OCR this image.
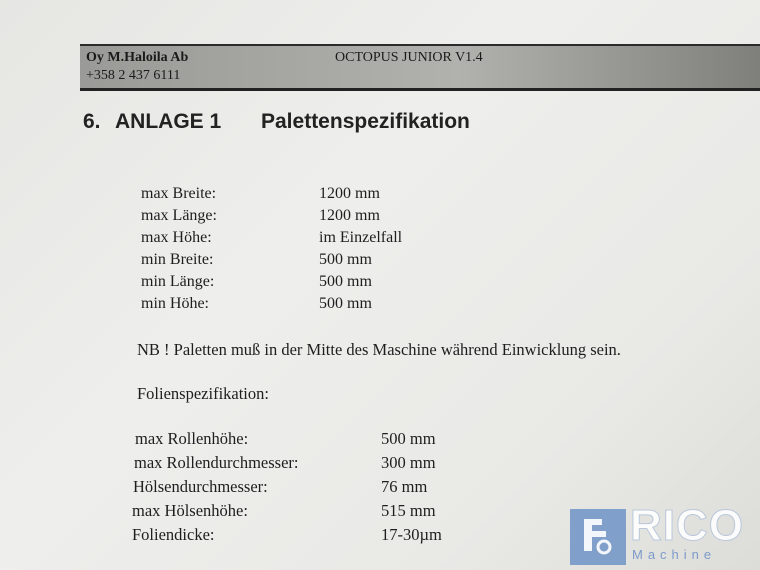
Oy M.Haloila Ab
+358 2 437 6111
OCTOPUS JUNIOR V1.4
6. ANLAGE 1 Palettenspezifikation
max Breite:	1200 mm
max Länge:	1200 mm
max Höhe:	im Einzelfall
min Breite:	500 mm
min Länge:	500 mm
min Höhe:	500 mm
NB ! Paletten muß in der Mitte des Maschine während Einwicklung sein.
Folienspezifikation:
max Rollenhöhe:	500 mm
max Rollendurchmesser:	300 mm
Hölsendurchmesser:	76 mm
max Hölsenhöhe:	515 mm
Foliendicke:	17-30µm	RICO
Machine
